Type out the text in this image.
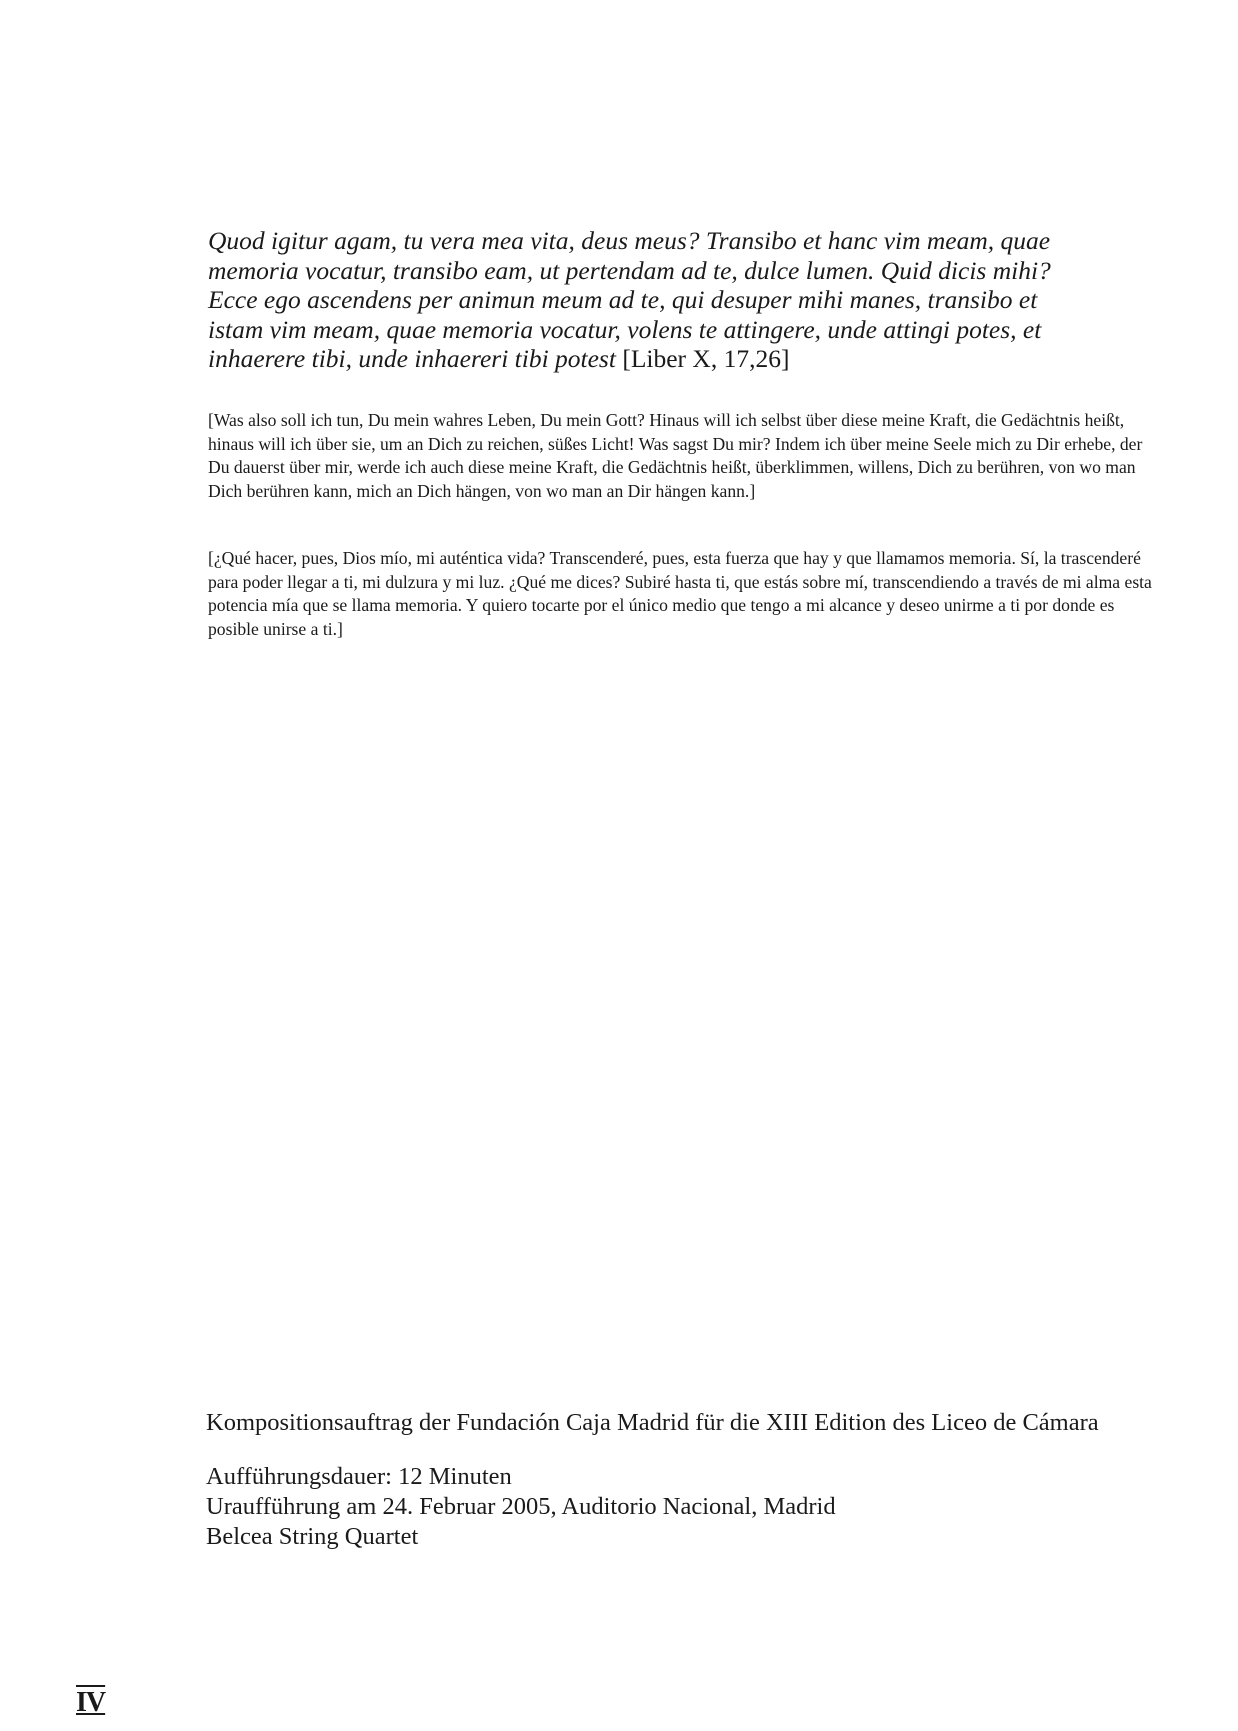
Quod igitur agam, tu vera mea vita, deus meus? Transibo et hanc vim meam, quae memoria vocatur, transibo eam, ut pertendam ad te, dulce lumen. Quid dicis mihi? Ecce ego ascendens per animun meum ad te, qui desuper mihi manes, transibo et istam vim meam, quae memoria vocatur, volens te attingere, unde attingi potes, et inhaerere tibi, unde inhaereri tibi potest [Liber X, 17,26]

[Was also soll ich tun, Du mein wahres Leben, Du mein Gott? Hinaus will ich selbst über diese meine Kraft, die Gedächtnis heißt, hinaus will ich über sie, um an Dich zu reichen, süßes Licht! Was sagst Du mir? Indem ich über meine Seele mich zu Dir erhebe, der Du dauerst über mir, werde ich auch diese meine Kraft, die Gedächtnis heißt, überklimmen, willens, Dich zu berühren, von wo man Dich berühren kann, mich an Dich hängen, von wo man an Dir hängen kann.]

[¿Qué hacer, pues, Dios mío, mi auténtica vida? Transcenderé, pues, esta fuerza que hay y que llamamos memoria. Sí, la trascenderé para poder llegar a ti, mi dulzura y mi luz. ¿Qué me dices? Subiré hasta ti, que estás sobre mí, transcendiendo a través de mi alma esta potencia mía que se llama memoria. Y quiero tocarte por el único medio que tengo a mi alcance y deseo unirme a ti por donde es posible unirse a ti.]

Kompositionsauftrag der Fundación Caja Madrid für die XIII Edition des Liceo de Cámara

Aufführungsdauer: 12 Minuten

Uraufführung am 24. Februar 2005, Auditorio Nacional, Madrid

Belcea String Quartet

IV
